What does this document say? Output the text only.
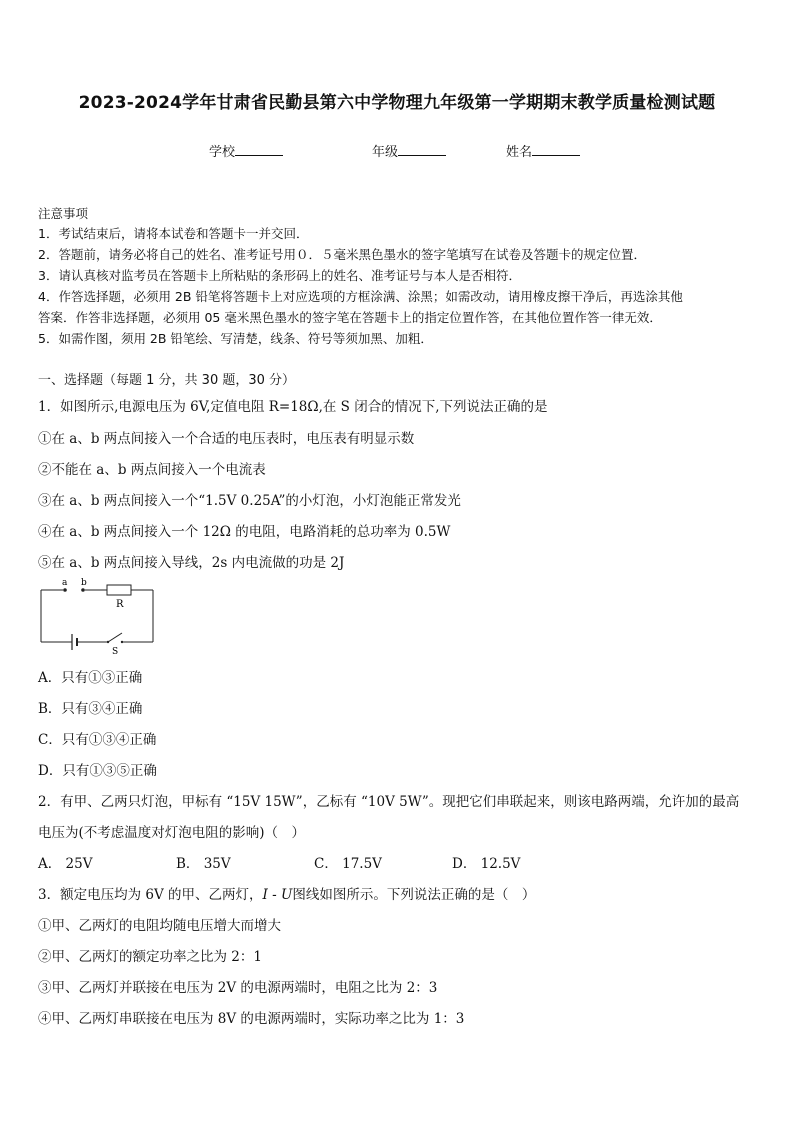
2023-2024学年甘肃省民勤县第六中学物理九年级第一学期期末教学质量检测试题
学校	年级	姓名
注意事项
1．考试结束后，请将本试卷和答题卡一并交回．
2．答题前，请务必将自己的姓名、准考证号用０．５毫米黑色墨水的签字笔填写在试卷及答题卡的规定位置．
3．请认真核对监考员在答题卡上所粘贴的条形码上的姓名、准考证号与本人是否相符．
4．作答选择题，必须用 2B 铅笔将答题卡上对应选项的方框涂满、涂黑；如需改动，请用橡皮擦干净后，再选涂其他
答案．作答非选择题，必须用 05 毫米黑色墨水的签字笔在答题卡上的指定位置作答，在其他位置作答一律无效．
5．如需作图，须用 2B 铅笔绘、写清楚，线条、符号等须加黑、加粗．
一、选择题（每题 1 分，共 30 题，30 分）
1．如图所示,电源电压为 6V,定值电阻 R=18Ω,在 S 闭合的情况下,下列说法正确的是
①在 a、b 两点间接入一个合适的电压表时，电压表有明显示数
②不能在 a、b 两点间接入一个电流表
③在 a、b 两点间接入一个“1.5V 0.25A”的小灯泡，小灯泡能正常发光
④在 a、b 两点间接入一个 12Ω 的电阻，电路消耗的总功率为 0.5W
⑤在 a、b 两点间接入导线，2s 内电流做的功是 2J
a b
R
S
A．只有①③正确
B．只有③④正确
C．只有①③④正确
D．只有①③⑤正确
2．有甲、乙两只灯泡，甲标有 “15V 15W”，乙标有 “10V 5W”。现把它们串联起来，则该电路两端，允许加的最高
电压为(不考虑温度对灯泡电阻的影响)（　）
A． 25V	B． 35V	C． 17.5V	D． 12.5V
3．额定电压均为 6V 的甲、乙两灯，I - U图线如图所示。下列说法正确的是（　）
①甲、乙两灯的电阻均随电压增大而增大
②甲、乙两灯的额定功率之比为 2：1
③甲、乙两灯并联接在电压为 2V 的电源两端时，电阻之比为 2：3
④甲、乙两灯串联接在电压为 8V 的电源两端时，实际功率之比为 1：3
